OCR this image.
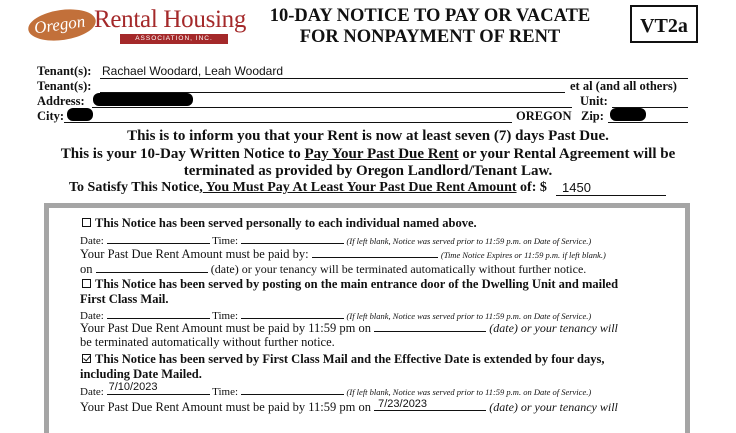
Oregon Rental Housing
ASSOCIATION, INC.
10-DAY NOTICE TO PAY OR VACATE
FOR NONPAYMENT OF RENT	VT2a
Tenant(s): Rachael Woodard, Leah Woodard
Tenant(s):	et al (and all others)
Address:	Unit:
City:	OREGON Zip:
This is to inform you that your Rent is now at least seven (7) days Past Due.
This is your 10-Day Written Notice to Pay Your Past Due Rent or your Rental Agreement will be
terminated as provided by Oregon Landlord/Tenant Law.
To Satisfy This Notice, You Must Pay At Least Your Past Due Rent Amount of: $ 1450
This Notice has been served personally to each individual named above.
Date:	Time:	(If left blank, Notice was served prior to 11:59 p.m. on Date of Service.)
Your Past Due Rent Amount must be paid by:	(Time Notice Expires or 11:59 p.m. if left blank.)
on	(date) or your tenancy will be terminated automatically without further notice.
This Notice has been served by posting on the main entrance door of the Dwelling Unit and mailed
First Class Mail.
Date:	Time:	(If left blank, Notice was served prior to 11:59 p.m. on Date of Service.)
Your Past Due Rent Amount must be paid by 11:59 pm on	(date) or your tenancy will
be terminated automatically without further notice.
This Notice has been served by First Class Mail and the Effective Date is extended by four days,
including Date Mailed.
Date: 7/10/2023	Time:	(If left blank, Notice was served prior to 11:59 p.m. on Date of Service.)
Your Past Due Rent Amount must be paid by 11:59 pm on 7/23/2023	(date) or your tenancy will
